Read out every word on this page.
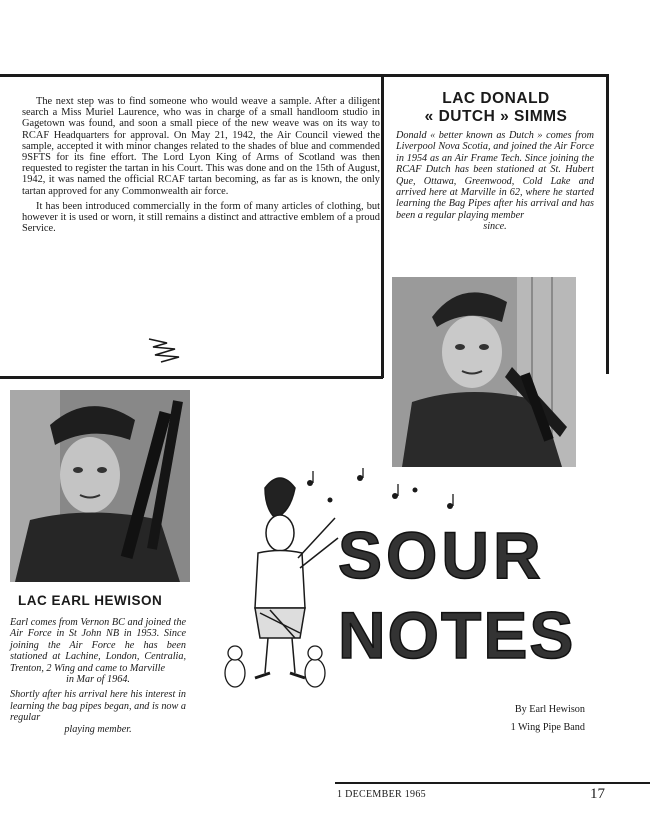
The next step was to find someone who would weave a sample. After a diligent search a Miss Muriel Laurence, who was in charge of a small handloom studio in Gagetown was found, and soon a small piece of the new weave was on its way to RCAF Headquarters for approval. On May 21, 1942, the Air Council viewed the sample, accepted it with minor changes related to the shades of blue and commended 9SFTS for its fine effort. The Lord Lyon King of Arms of Scotland was then requested to register the tartan in his Court. This was done and on the 15th of August, 1942, it was named the official RCAF tartan becoming, as far as is known, the only tartan approved for any Commonwealth air force.

It has been introduced commercially in the form of many articles of clothing, but however it is used or worn, it still remains a distinct and attractive emblem of a proud Service.

LAC DONALD
« DUTCH » SIMMS
Donald « better known as Dutch » comes from Liverpool Nova Scotia, and joined the Air Force in 1954 as an Air Frame Tech. Since joining the RCAF Dutch has been stationed at St. Hubert Que, Ottawa, Greenwood, Cold Lake and arrived here at Marville in 62, where he started learning the Bag Pipes after his arrival and has been a regular playing member
since.
LAC EARL HEWISON
Earl comes from Vernon BC and joined the Air Force in St John NB in 1953. Since joining the Air Force he has been stationed at Lachine, London, Centralia, Trenton, 2 Wing and came to Marville
in Mar of 1964.
Shortly after his arrival here his interest in learning the bag pipes began, and is now a regular
playing member.
SOUR
NOTES
By Earl Hewison
1 Wing Pipe Band
1 DECEMBER 1965	17
